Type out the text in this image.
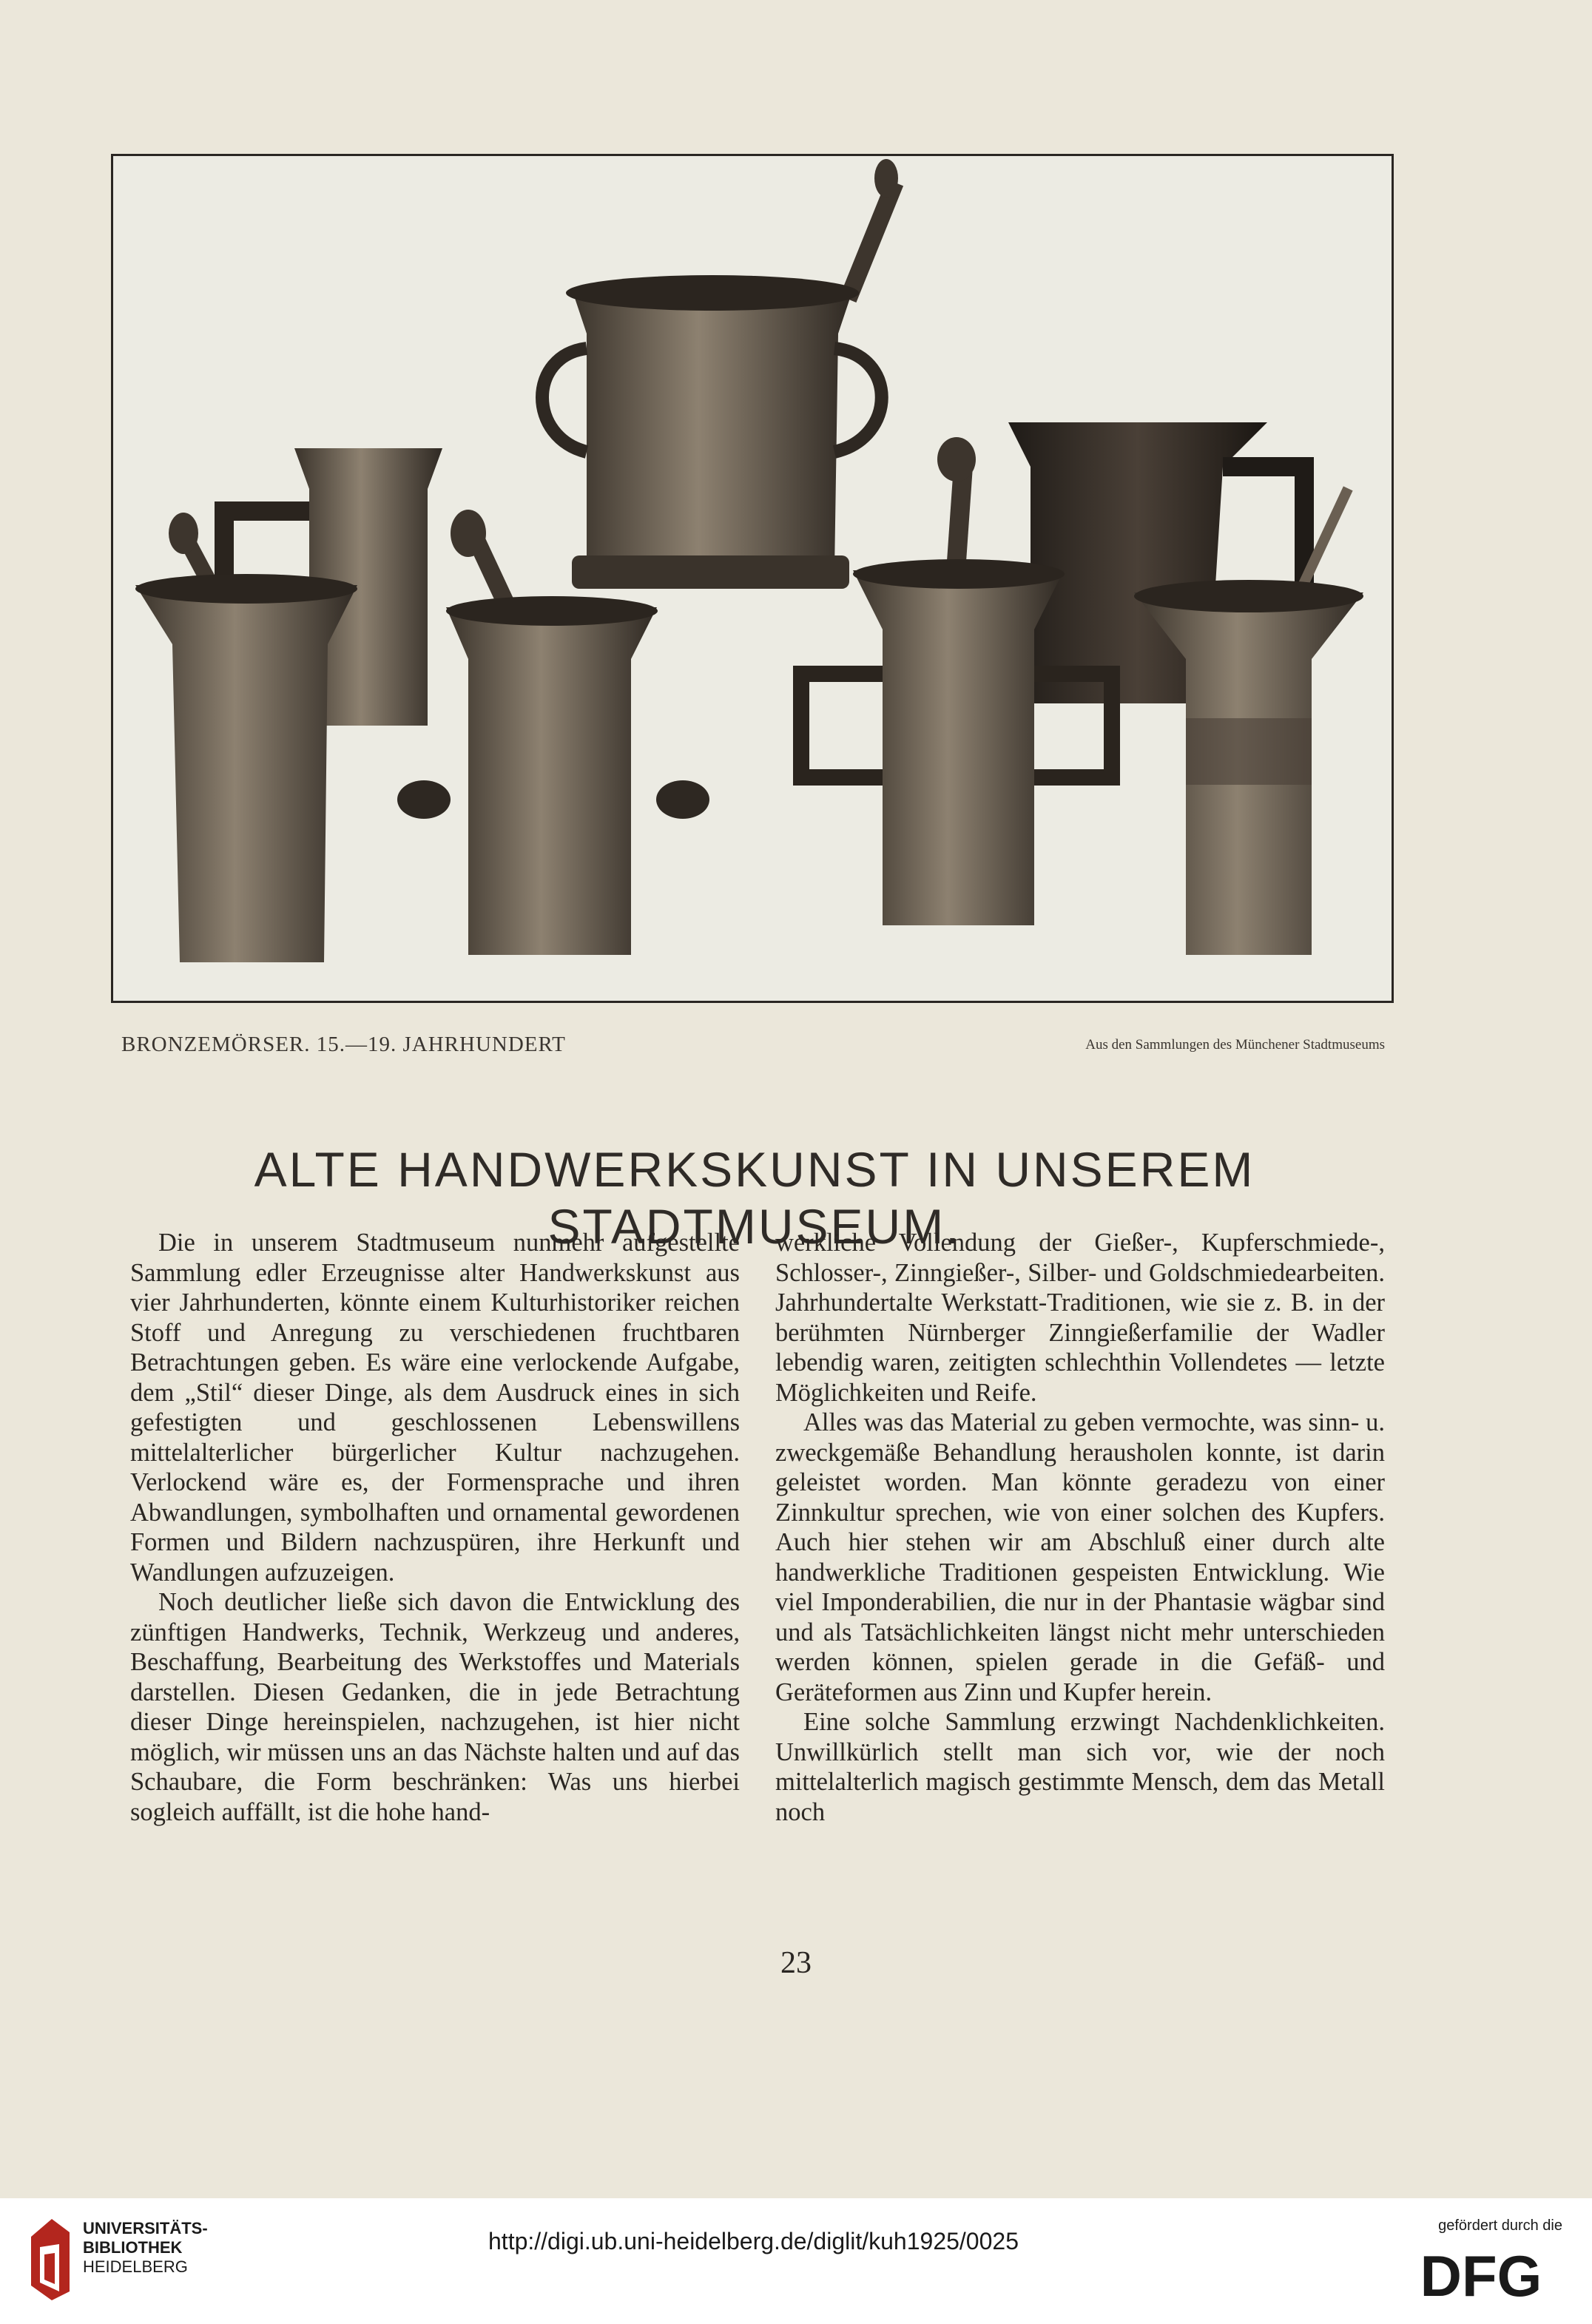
BRONZEMÖRSER. 15.—19. JAHRHUNDERT	Aus den Sammlungen des Münchener Stadtmuseums
ALTE HANDWERKSKUNST IN UNSEREM
STADTMUSEUM.

Die in unserem Stadtmuseum nunmehr aufgestellte Sammlung edler Erzeugnisse alter Handwerkskunst aus vier Jahrhunderten, könnte einem Kulturhistoriker reichen Stoff und Anregung zu verschiedenen fruchtbaren Betrachtungen geben. Es wäre eine verlockende Aufgabe, dem „Stil“ dieser Dinge, als dem Ausdruck eines in sich gefestigten und geschlossenen Lebenswillens mittelalterlicher bürgerlicher Kultur nachzugehen. Verlockend wäre es, der Formensprache und ihren Abwandlungen, symbolhaften und ornamental gewordenen Formen und Bildern nachzuspüren, ihre Herkunft und Wandlungen aufzuzeigen.

Noch deutlicher ließe sich davon die Entwicklung des zünftigen Handwerks, Technik, Werkzeug und anderes, Beschaffung, Bearbeitung des Werkstoffes und Materials darstellen. Diesen Gedanken, die in jede Betrachtung dieser Dinge hereinspielen, nachzugehen, ist hier nicht möglich, wir müssen uns an das Nächste halten und auf das Schaubare, die Form beschränken: Was uns hierbei sogleich auffällt, ist die hohe hand-

werkliche Vollendung der Gießer-, Kupferschmiede-, Schlosser-, Zinngießer-, Silber- und Goldschmiedearbeiten. Jahrhundertalte Werkstatt-Traditionen, wie sie z. B. in der berühmten Nürnberger Zinngießerfamilie der Wadler lebendig waren, zeitigten schlechthin Vollendetes — letzte Möglichkeiten und Reife.

Alles was das Material zu geben vermochte, was sinn- u. zweckgemäße Behandlung herausholen konnte, ist darin geleistet worden. Man könnte geradezu von einer Zinnkultur sprechen, wie von einer solchen des Kupfers. Auch hier stehen wir am Abschluß einer durch alte handwerkliche Traditionen gespeisten Entwicklung. Wie viel Imponderabilien, die nur in der Phantasie wägbar sind und als Tatsächlichkeiten längst nicht mehr unterschieden werden können, spielen gerade in die Gefäß- und Geräteformen aus Zinn und Kupfer herein.

Eine solche Sammlung erzwingt Nachdenklichkeiten. Unwillkürlich stellt man sich vor, wie der noch mittelalterlich magisch gestimmte Mensch, dem das Metall noch

23
UNIVERSITÄTS-
BIBLIOTHEK
HEIDELBERG
http://digi.ub.uni-heidelberg.de/diglit/kuh1925/0025
gefördert durch die
DFG
